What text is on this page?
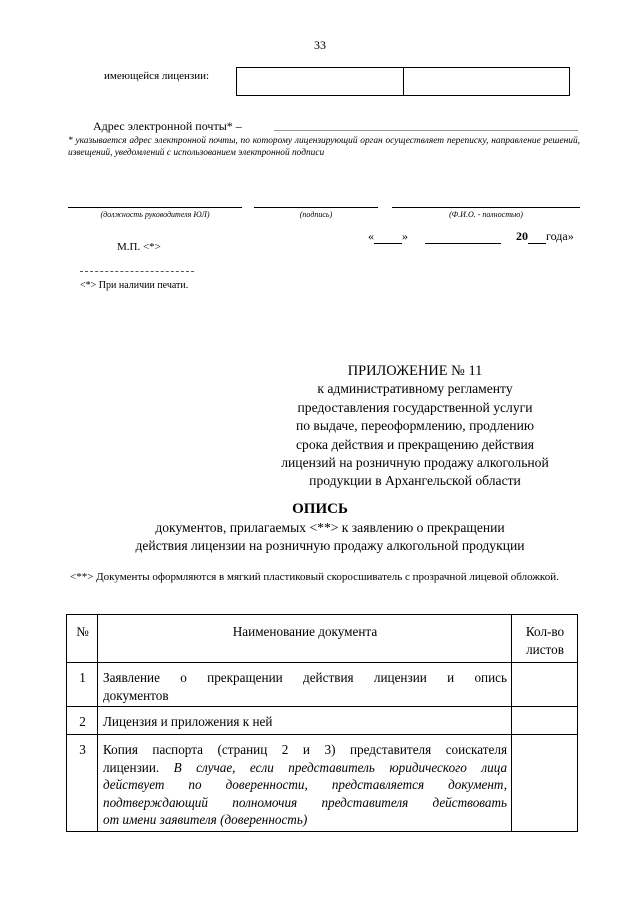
33
имеющейся лицензии:
Адрес электронной почты* –
* указывается адрес электронной почты, по которому лицензирующий орган осуществляет переписку, направление решений, извещений, уведомлений с использованием электронной подписи
(должность руководителя ЮЛ)	(подпись)	(Ф.И.О. - полностью)
« »	20 года»
М.П. <*>
<*> При наличии печати.
ПРИЛОЖЕНИЕ № 11
к административному регламенту
предоставления государственной услуги
по выдаче, переоформлению, продлению
срока действия и прекращению действия
лицензий на розничную продажу алкогольной
продукции в Архангельской области
ОПИСЬ
документов, прилагаемых <**> к заявлению о прекращении
действия лицензии на розничную продажу алкогольной продукции
<**> Документы оформляются в мягкий пластиковый скоросшиватель с прозрачной лицевой обложкой.
№	Наименование документа	Кол-во
листов

1	Заявление о прекращении действия лицензии и опись
документов	
2	Лицензия и приложения к ней	
3	Копия паспорта (страниц 2 и 3) представителя соискателя
лицензии. В случае, если представитель юридического лица
действует по доверенности, представляется документ,
подтверждающий полномочия представителя действовать
от имени заявителя (доверенность)	
